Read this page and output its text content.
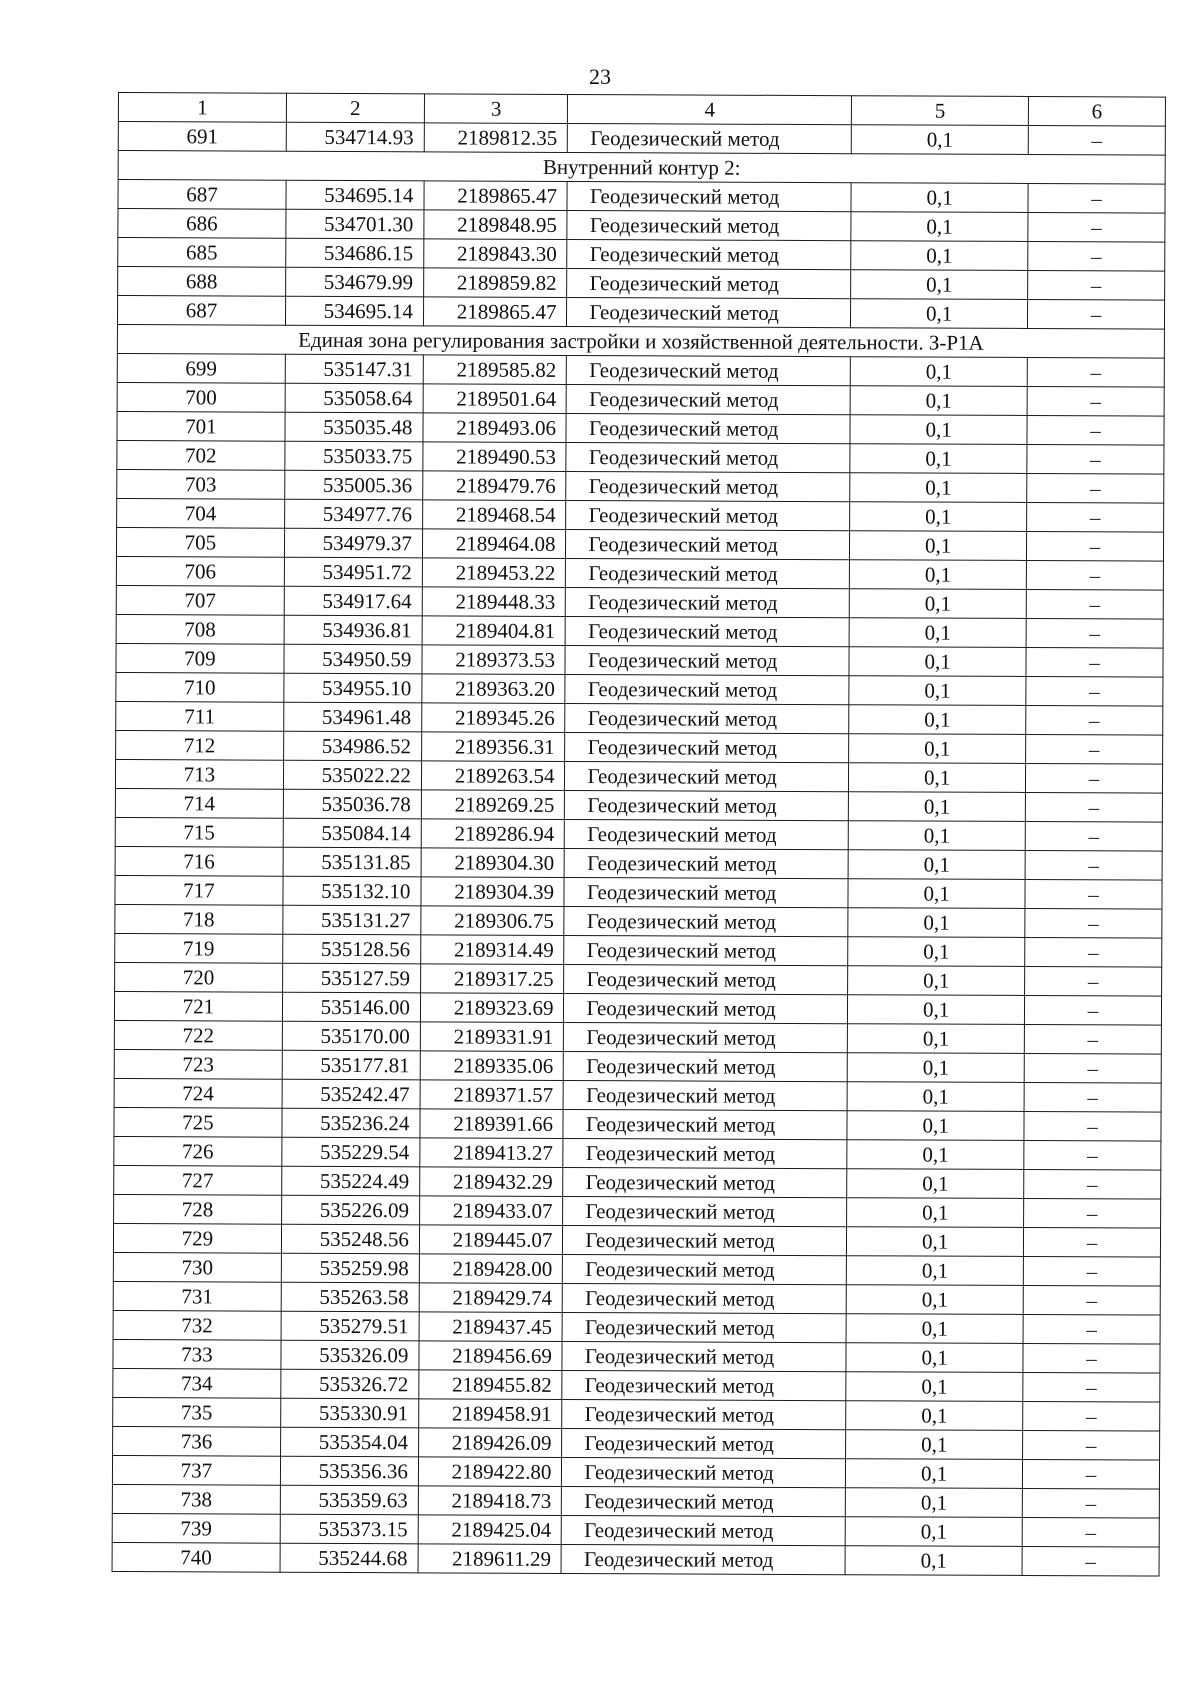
23
1	2	3	4	5	6
691	534714.93	2189812.35	Геодезический метод	0,1	–
Внутренний контур 2:					
687	534695.14	2189865.47	Геодезический метод	0,1	–
686	534701.30	2189848.95	Геодезический метод	0,1	–
685	534686.15	2189843.30	Геодезический метод	0,1	–
688	534679.99	2189859.82	Геодезический метод	0,1	–
687	534695.14	2189865.47	Геодезический метод	0,1	–
Единая зона регулирования застройки и хозяйственной деятельности. З-Р1А					
699	535147.31	2189585.82	Геодезический метод	0,1	–
700	535058.64	2189501.64	Геодезический метод	0,1	–
701	535035.48	2189493.06	Геодезический метод	0,1	–
702	535033.75	2189490.53	Геодезический метод	0,1	–
703	535005.36	2189479.76	Геодезический метод	0,1	–
704	534977.76	2189468.54	Геодезический метод	0,1	–
705	534979.37	2189464.08	Геодезический метод	0,1	–
706	534951.72	2189453.22	Геодезический метод	0,1	–
707	534917.64	2189448.33	Геодезический метод	0,1	–
708	534936.81	2189404.81	Геодезический метод	0,1	–
709	534950.59	2189373.53	Геодезический метод	0,1	–
710	534955.10	2189363.20	Геодезический метод	0,1	–
711	534961.48	2189345.26	Геодезический метод	0,1	–
712	534986.52	2189356.31	Геодезический метод	0,1	–
713	535022.22	2189263.54	Геодезический метод	0,1	–
714	535036.78	2189269.25	Геодезический метод	0,1	–
715	535084.14	2189286.94	Геодезический метод	0,1	–
716	535131.85	2189304.30	Геодезический метод	0,1	–
717	535132.10	2189304.39	Геодезический метод	0,1	–
718	535131.27	2189306.75	Геодезический метод	0,1	–
719	535128.56	2189314.49	Геодезический метод	0,1	–
720	535127.59	2189317.25	Геодезический метод	0,1	–
721	535146.00	2189323.69	Геодезический метод	0,1	–
722	535170.00	2189331.91	Геодезический метод	0,1	–
723	535177.81	2189335.06	Геодезический метод	0,1	–
724	535242.47	2189371.57	Геодезический метод	0,1	–
725	535236.24	2189391.66	Геодезический метод	0,1	–
726	535229.54	2189413.27	Геодезический метод	0,1	–
727	535224.49	2189432.29	Геодезический метод	0,1	–
728	535226.09	2189433.07	Геодезический метод	0,1	–
729	535248.56	2189445.07	Геодезический метод	0,1	–
730	535259.98	2189428.00	Геодезический метод	0,1	–
731	535263.58	2189429.74	Геодезический метод	0,1	–
732	535279.51	2189437.45	Геодезический метод	0,1	–
733	535326.09	2189456.69	Геодезический метод	0,1	–
734	535326.72	2189455.82	Геодезический метод	0,1	–
735	535330.91	2189458.91	Геодезический метод	0,1	–
736	535354.04	2189426.09	Геодезический метод	0,1	–
737	535356.36	2189422.80	Геодезический метод	0,1	–
738	535359.63	2189418.73	Геодезический метод	0,1	–
739	535373.15	2189425.04	Геодезический метод	0,1	–
740	535244.68	2189611.29	Геодезический метод	0,1	–
